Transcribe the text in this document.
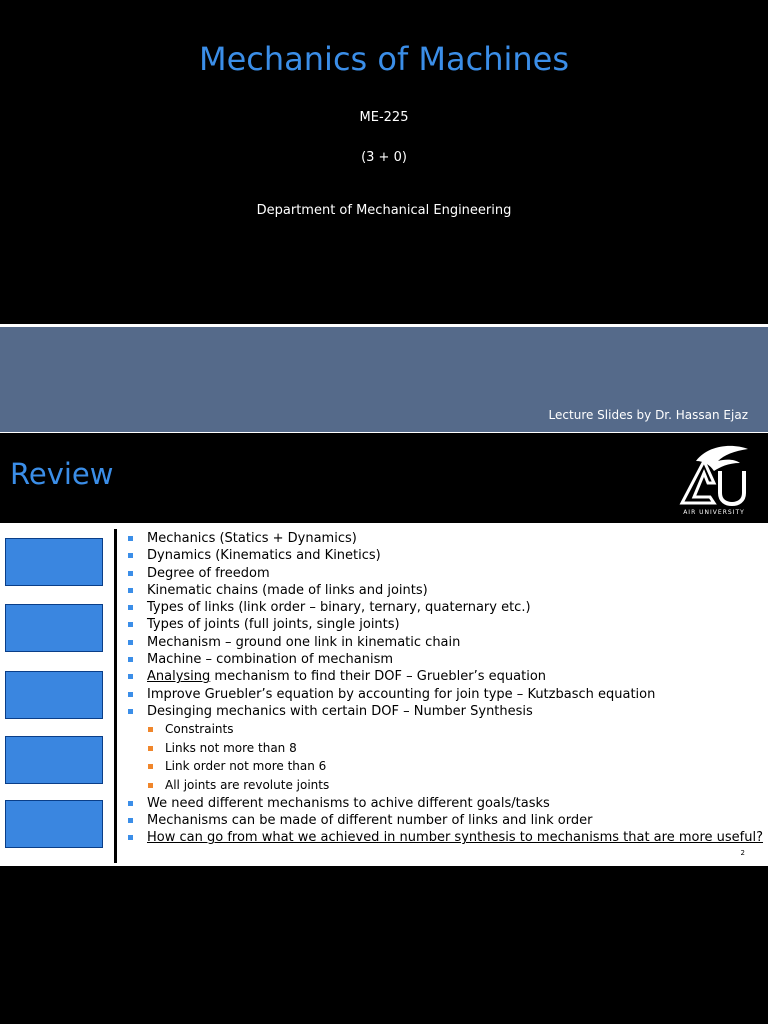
Mechanics of Machines
ME-225
(3 + 0)
Department of Mechanical Engineering
Lecture Slides by Dr. Hassan Ejaz
Review
AIR UNIVERSITY
Mechanics (Statics + Dynamics)
Dynamics (Kinematics and Kinetics)
Degree of freedom
Kinematic chains (made of links and joints)
Types of links (link order – binary, ternary, quaternary etc.)
Types of joints (full joints, single joints)
Mechanism – ground one link in kinematic chain
Machine – combination of mechanism
Analysing mechanism to find their DOF – Gruebler’s equation
Improve Gruebler’s equation by accounting for join type – Kutzbasch equation
Desinging mechanics with certain DOF – Number Synthesis
Constraints
Links not more than 8
Link order not more than 6
All joints are revolute joints
We need different mechanisms to achive different goals/tasks
Mechanisms can be made of different number of links and link order
How can go from what we achieved in number synthesis to mechanisms that are more useful?
2
